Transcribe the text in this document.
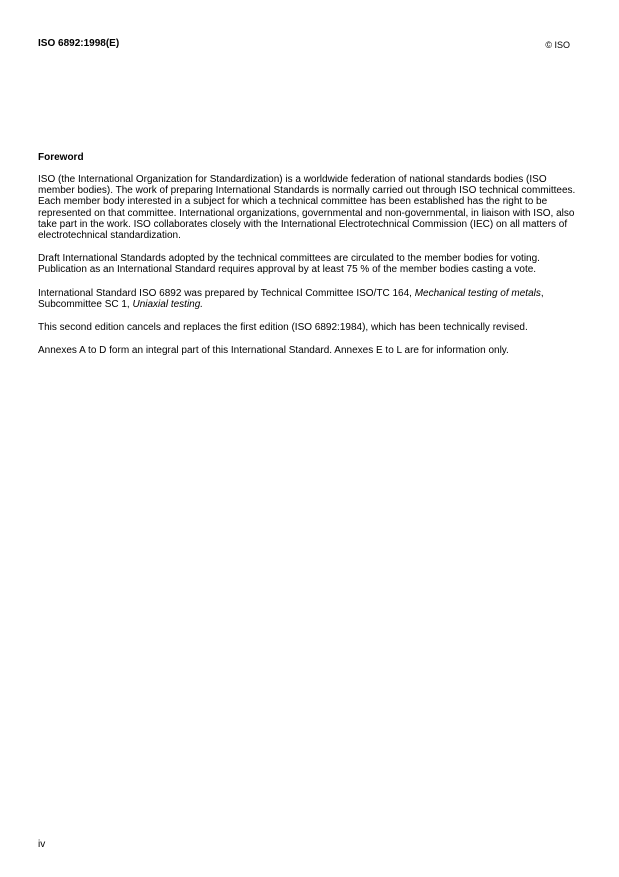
ISO 6892:1998(E)	© ISO
Foreword

ISO (the International Organization for Standardization) is a worldwide federation of national standards bodies (ISO member bodies). The work of preparing International Standards is normally carried out through ISO technical committees. Each member body interested in a subject for which a technical committee has been established has the right to be represented on that committee. International organizations, governmental and non-governmental, in liaison with ISO, also take part in the work. ISO collaborates closely with the International Electrotechnical Commission (IEC) on all matters of electrotechnical standardization.

Draft International Standards adopted by the technical committees are circulated to the member bodies for voting. Publication as an International Standard requires approval by at least 75 % of the member bodies casting a vote.

International Standard ISO 6892 was prepared by Technical Committee ISO/TC 164, Mechanical testing of metals, Subcommittee SC 1, Uniaxial testing.

This second edition cancels and replaces the first edition (ISO 6892:1984), which has been technically revised.

Annexes A to D form an integral part of this International Standard. Annexes E to L are for information only.

iv
